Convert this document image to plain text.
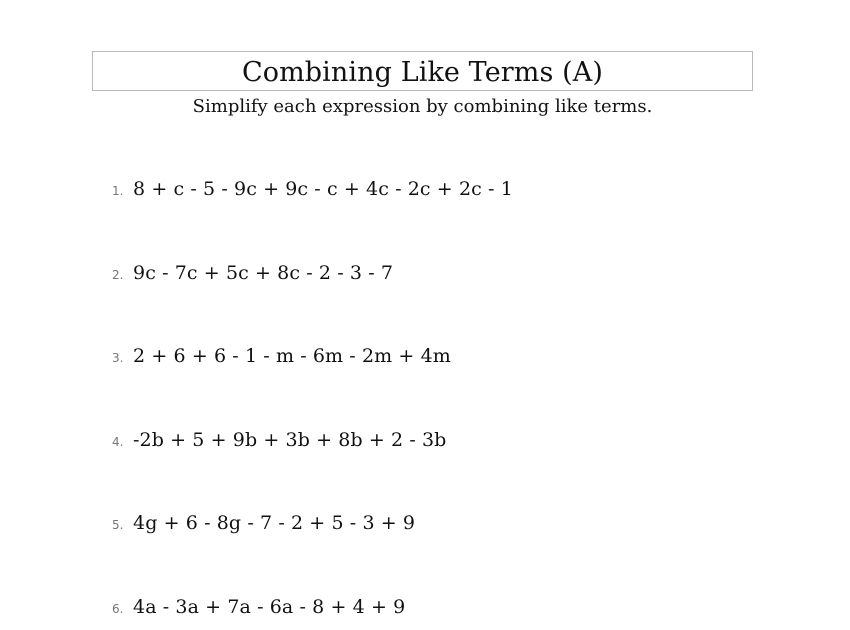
Combining Like Terms (A)
Simplify each expression by combining like terms.
1. 8 + c - 5 - 9c + 9c - c + 4c - 2c + 2c - 1
2. 9c - 7c + 5c + 8c - 2 - 3 - 7
3. 2 + 6 + 6 - 1 - m - 6m - 2m + 4m
4. -2b + 5 + 9b + 3b + 8b + 2 - 3b
5. 4g + 6 - 8g - 7 - 2 + 5 - 3 + 9
6. 4a - 3a + 7a - 6a - 8 + 4 + 9
